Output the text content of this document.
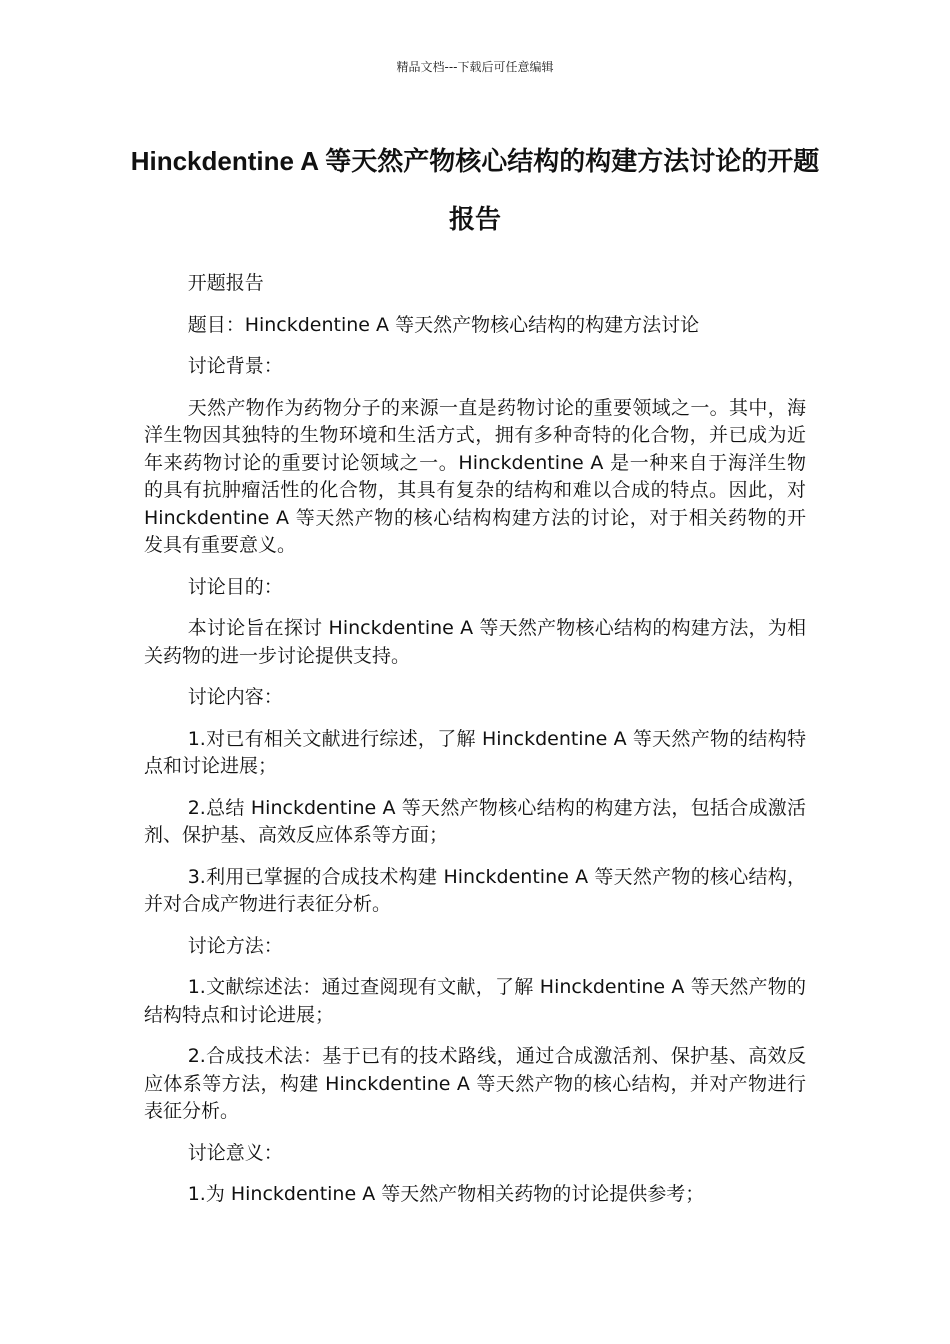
精品文档---下载后可任意编辑
Hinckdentine A 等天然产物核心结构的构建方法讨论的开题报告

开题报告

题目：Hinckdentine A 等天然产物核心结构的构建方法讨论

讨论背景：

天然产物作为药物分子的来源一直是药物讨论的重要领域之一。其中，海洋生物因其独特的生物环境和生活方式，拥有多种奇特的化合物，并已成为近年来药物讨论的重要讨论领域之一。Hinckdentine A 是一种来自于海洋生物的具有抗肿瘤活性的化合物，其具有复杂的结构和难以合成的特点。因此，对 Hinckdentine A 等天然产物的核心结构构建方法的讨论，对于相关药物的开发具有重要意义。

讨论目的：

本讨论旨在探讨 Hinckdentine A 等天然产物核心结构的构建方法，为相关药物的进一步讨论提供支持。

讨论内容：

1.对已有相关文献进行综述，了解 Hinckdentine A 等天然产物的结构特点和讨论进展；

2.总结 Hinckdentine A 等天然产物核心结构的构建方法，包括合成激活剂、保护基、高效反应体系等方面；

3.利用已掌握的合成技术构建 Hinckdentine A 等天然产物的核心结构，并对合成产物进行表征分析。

讨论方法：

1.文献综述法：通过查阅现有文献，了解 Hinckdentine A 等天然产物的结构特点和讨论进展；

2.合成技术法：基于已有的技术路线，通过合成激活剂、保护基、高效反应体系等方法，构建 Hinckdentine A 等天然产物的核心结构，并对产物进行表征分析。

讨论意义：

1.为 Hinckdentine A 等天然产物相关药物的讨论提供参考；
